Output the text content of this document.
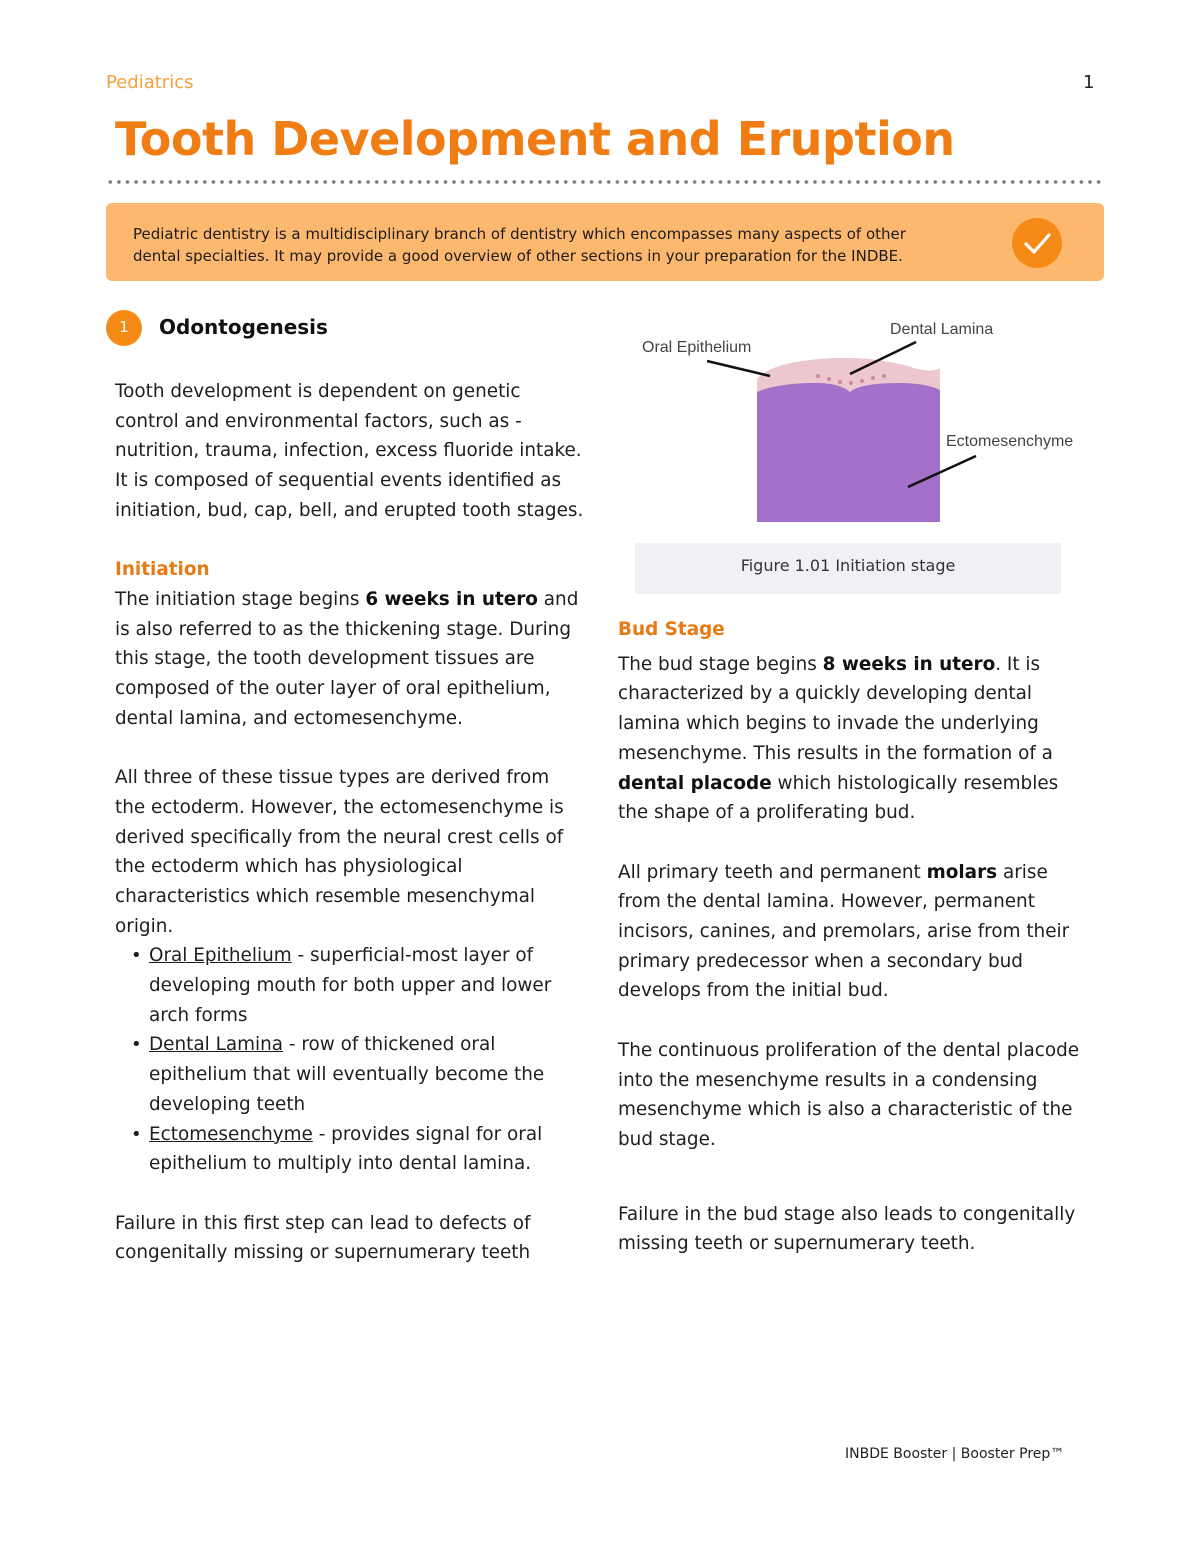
Pediatrics	1
Tooth Development and Eruption
Pediatric dentistry is a multidisciplinary branch of dentistry which encompasses many aspects of other
dental specialties. It may provide a good overview of other sections in your preparation for the INDBE.
1	Odontogenesis

Tooth development is dependent on genetic control and environmental factors, such as - nutrition, trauma, infection, excess fluoride intake. It is composed of sequential events identified as initiation, bud, cap, bell, and erupted tooth stages.

Initiation

The initiation stage begins 6 weeks in utero and is also referred to as the thickening stage. During this stage, the tooth development tissues are composed of the outer layer of oral epithelium, dental lamina, and ectomesenchyme.

All three of these tissue types are derived from the ectoderm. However, the ectomesenchyme is derived specifically from the neural crest cells of the ectoderm which has physiological characteristics which resemble mesenchymal origin.

• Oral Epithelium - superficial-most layer of developing mouth for both upper and lower arch forms
• Dental Lamina - row of thickened oral epithelium that will eventually become the developing teeth
• Ectomesenchyme - provides signal for oral epithelium to multiply into dental lamina.

Failure in this first step can lead to defects of congenitally missing or supernumerary teeth

Oral Epithelium
Dental Lamina
Ectomesenchyme
Figure 1.01 Initiation stage

Bud Stage

The bud stage begins 8 weeks in utero. It is characterized by a quickly developing dental lamina which begins to invade the underlying mesenchyme. This results in the formation of a dental placode which histologically resembles the shape of a proliferating bud.

All primary teeth and permanent molars arise from the dental lamina. However, permanent incisors, canines, and premolars, arise from their primary predecessor when a secondary bud develops from the initial bud.

The continuous proliferation of the dental placode into the mesenchyme results in a condensing mesenchyme which is also a characteristic of the bud stage.

Failure in the bud stage also leads to congenitally missing teeth or supernumerary teeth.

INBDE Booster | Booster Prep™
